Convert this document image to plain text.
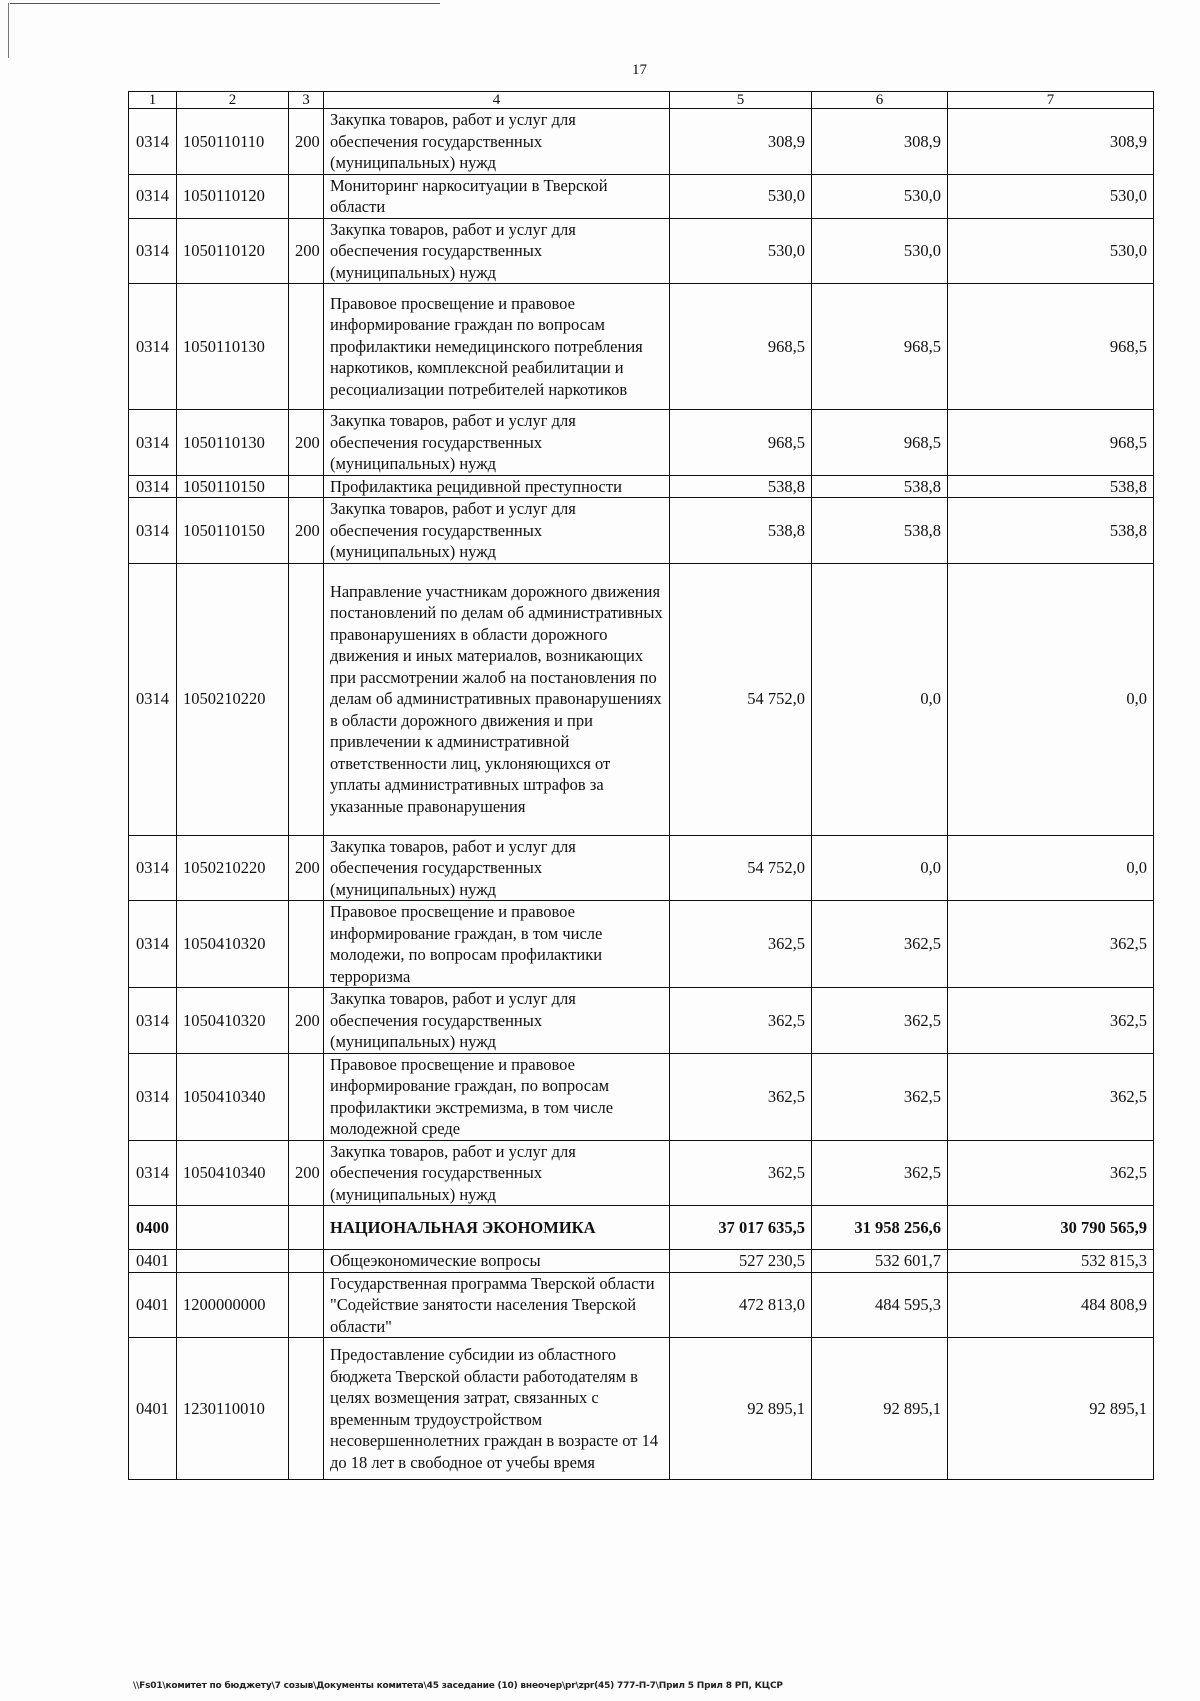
17
1	2	3	4	5	6	7
0314	1050110110	200	Закупка товаров, работ и услуг для обеспечения государственных (муниципальных) нужд	308,9	308,9	308,9
0314	1050110120		Мониторинг наркоситуации в Тверской области	530,0	530,0	530,0
0314	1050110120	200	Закупка товаров, работ и услуг для обеспечения государственных (муниципальных) нужд	530,0	530,0	530,0
0314	1050110130		Правовое просвещение и правовое информирование граждан по вопросам профилактики немедицинского потребления наркотиков, комплексной реабилитации и ресоциализации потребителей наркотиков	968,5	968,5	968,5
0314	1050110130	200	Закупка товаров, работ и услуг для обеспечения государственных (муниципальных) нужд	968,5	968,5	968,5
0314	1050110150		Профилактика рецидивной преступности	538,8	538,8	538,8
0314	1050110150	200	Закупка товаров, работ и услуг для обеспечения государственных (муниципальных) нужд	538,8	538,8	538,8
0314	1050210220		Направление участникам дорожного движения постановлений по делам об административных правонарушениях в области дорожного движения и иных материалов, возникающих при рассмотрении жалоб на постановления по делам об административных правонарушениях в области дорожного движения и при привлечении к административной ответственности лиц, уклоняющихся от уплаты административных штрафов за указанные правонарушения	54 752,0	0,0	0,0
0314	1050210220	200	Закупка товаров, работ и услуг для обеспечения государственных (муниципальных) нужд	54 752,0	0,0	0,0
0314	1050410320		Правовое просвещение и правовое информирование граждан, в том числе молодежи, по вопросам профилактики терроризма	362,5	362,5	362,5
0314	1050410320	200	Закупка товаров, работ и услуг для обеспечения государственных (муниципальных) нужд	362,5	362,5	362,5
0314	1050410340		Правовое просвещение и правовое информирование граждан, по вопросам профилактики экстремизма, в том числе молодежной среде	362,5	362,5	362,5
0314	1050410340	200	Закупка товаров, работ и услуг для обеспечения государственных (муниципальных) нужд	362,5	362,5	362,5
0400			НАЦИОНАЛЬНАЯ ЭКОНОМИКА	37 017 635,5	31 958 256,6	30 790 565,9
0401			Общеэкономические вопросы	527 230,5	532 601,7	532 815,3
0401	1200000000		Государственная программа Тверской области "Содействие занятости населения Тверской области"	472 813,0	484 595,3	484 808,9
0401	1230110010		Предоставление субсидии из областного бюджета Тверской области работодателям в целях возмещения затрат, связанных с временным трудоустройством несовершеннолетних граждан в возрасте от 14 до 18 лет в свободное от учебы время	92 895,1	92 895,1	92 895,1
\\Fs01\комитет по бюджету\7 созыв\Документы комитета\45 заседание (10) внеочер\pr\zpr(45) 777-П-7\Прил 5 Прил 8 РП, КЦСР
